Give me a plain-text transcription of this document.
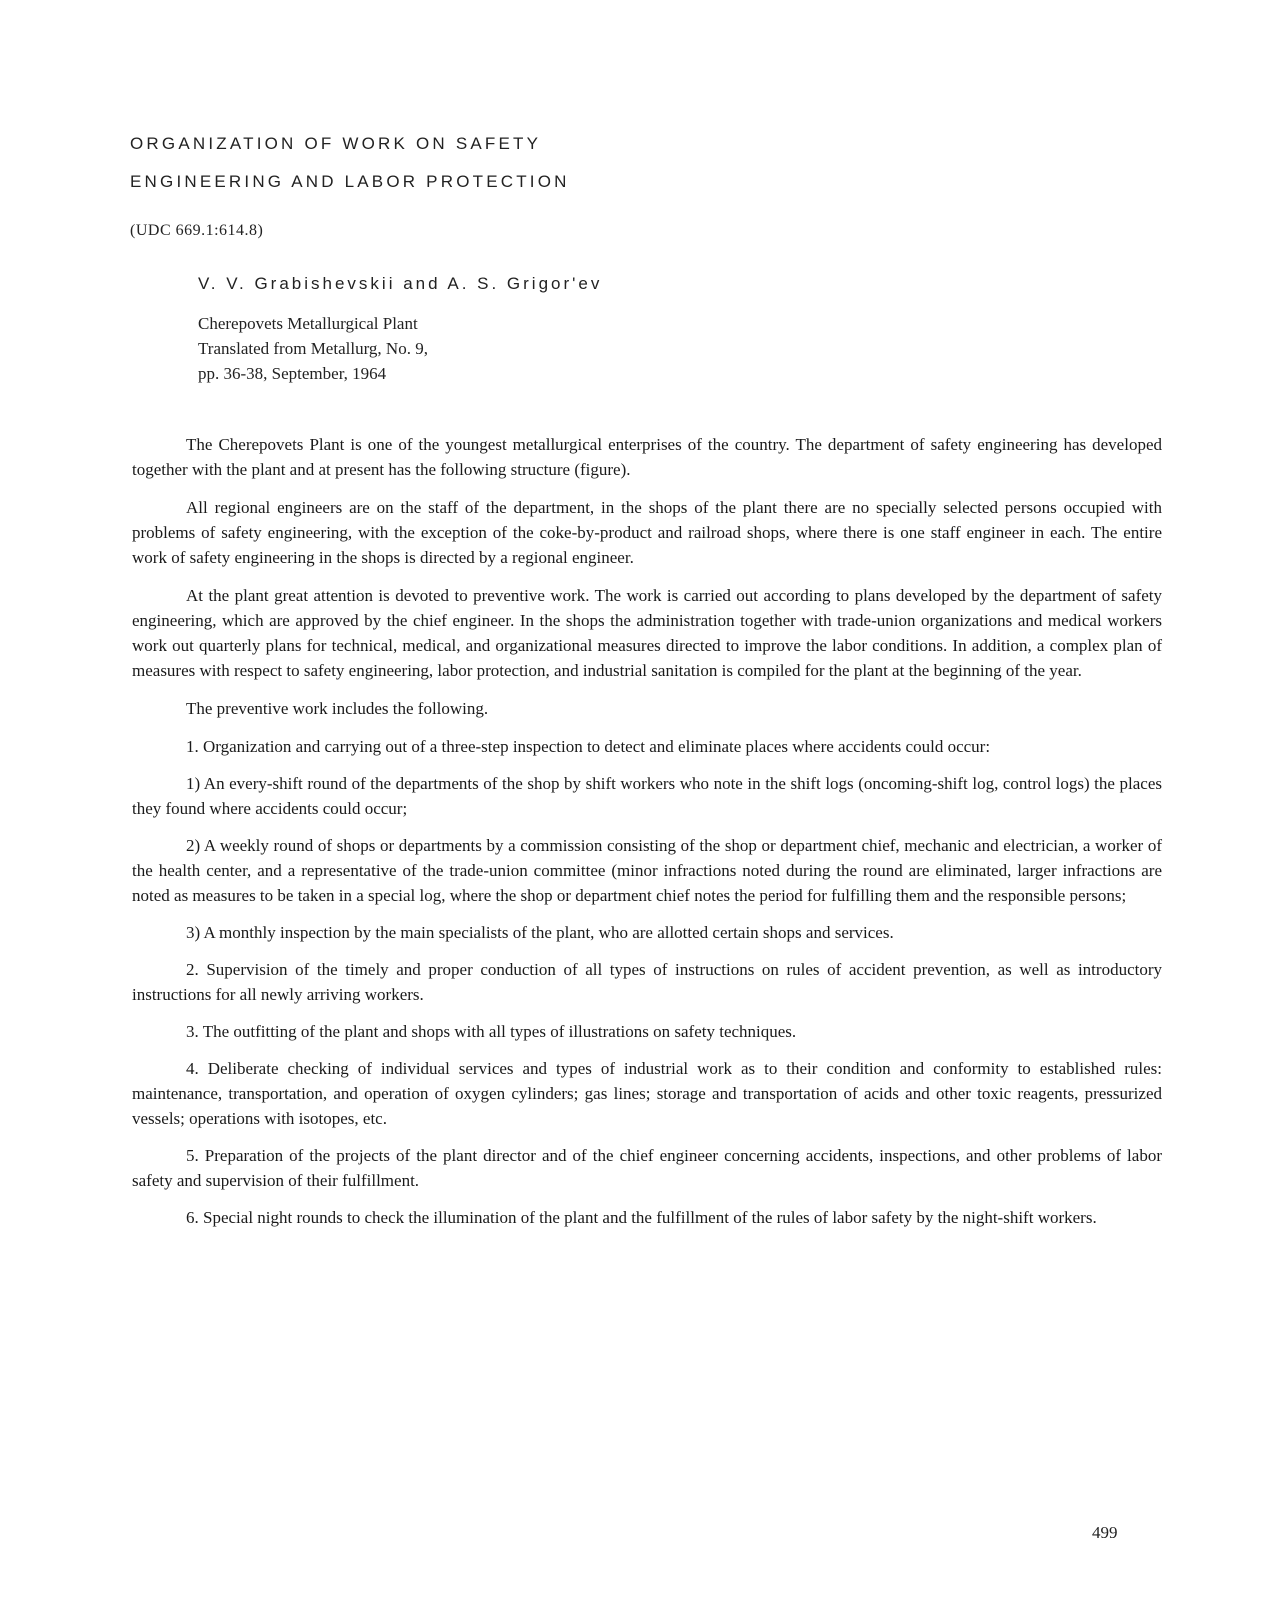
ORGANIZATION OF WORK ON SAFETY
ENGINEERING AND LABOR PROTECTION
(UDC 669.1:614.8)
V. V. Grabishevskii and A. S. Grigor'ev
Cherepovets Metallurgical Plant
Translated from Metallurg, No. 9,
pp. 36-38, September, 1964

The Cherepovets Plant is one of the youngest metallurgical enterprises of the country. The department of safety engineering has developed together with the plant and at present has the following structure (figure).

All regional engineers are on the staff of the department, in the shops of the plant there are no specially selected persons occupied with problems of safety engineering, with the exception of the coke-by-product and railroad shops, where there is one staff engineer in each. The entire work of safety engineering in the shops is directed by a regional engineer.

At the plant great attention is devoted to preventive work. The work is carried out according to plans developed by the department of safety engineering, which are approved by the chief engineer. In the shops the administration together with trade-union organizations and medical workers work out quarterly plans for technical, medical, and organizational measures directed to improve the labor conditions. In addition, a complex plan of measures with respect to safety engineering, labor protection, and industrial sanitation is compiled for the plant at the beginning of the year.

The preventive work includes the following.

1. Organization and carrying out of a three-step inspection to detect and eliminate places where accidents could occur:

1) An every-shift round of the departments of the shop by shift workers who note in the shift logs (oncoming-shift log, control logs) the places they found where accidents could occur;

2) A weekly round of shops or departments by a commission consisting of the shop or department chief, mechanic and electrician, a worker of the health center, and a representative of the trade-union committee (minor infractions noted during the round are eliminated, larger infractions are noted as measures to be taken in a special log, where the shop or department chief notes the period for fulfilling them and the responsible persons;

3) A monthly inspection by the main specialists of the plant, who are allotted certain shops and services.

2. Supervision of the timely and proper conduction of all types of instructions on rules of accident prevention, as well as introductory instructions for all newly arriving workers.

3. The outfitting of the plant and shops with all types of illustrations on safety techniques.

4. Deliberate checking of individual services and types of industrial work as to their condition and conformity to established rules: maintenance, transportation, and operation of oxygen cylinders; gas lines; storage and transportation of acids and other toxic reagents, pressurized vessels; operations with isotopes, etc.

5. Preparation of the projects of the plant director and of the chief engineer concerning accidents, inspections, and other problems of labor safety and supervision of their fulfillment.

6. Special night rounds to check the illumination of the plant and the fulfillment of the rules of labor safety by the night-shift workers.

499
